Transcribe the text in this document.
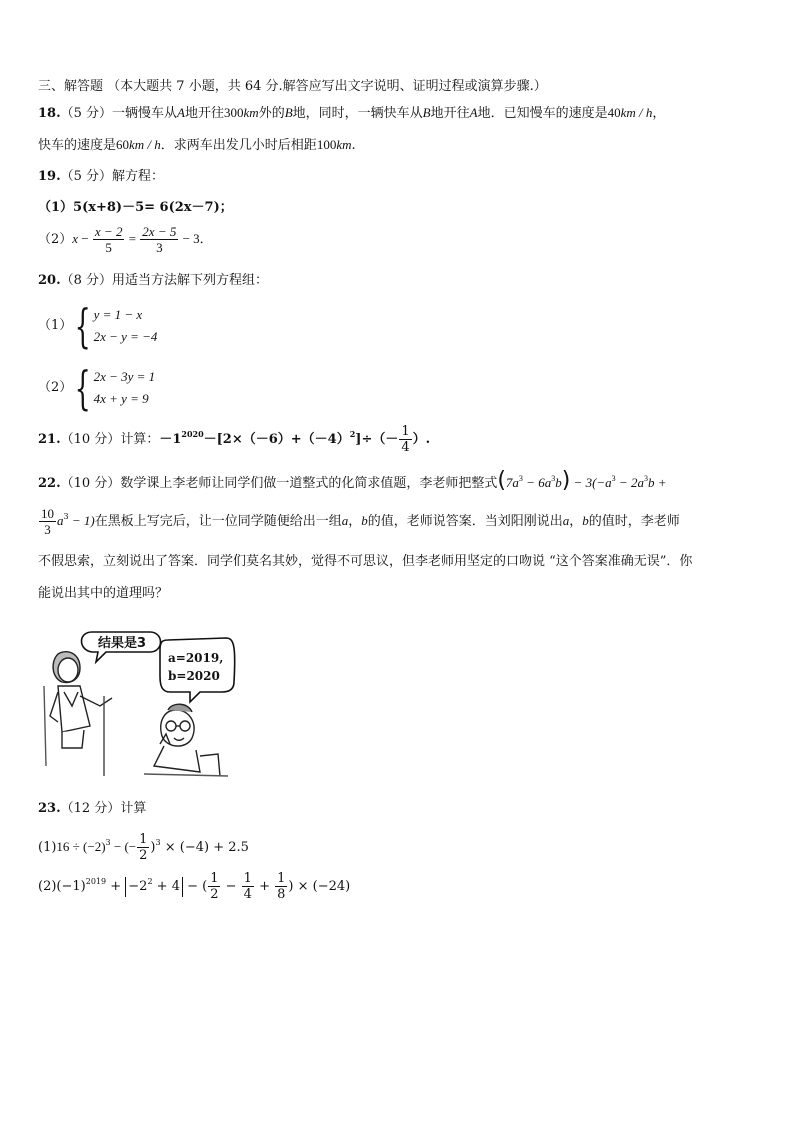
三、解答题 （本大题共 7 小题，共 64 分.解答应写出文字说明、证明过程或演算步骤.）
18.（5 分）一辆慢车从A地开往300km外的B地，同时，一辆快车从B地开往A地．已知慢车的速度是40km / h，
快车的速度是60km / h．求两车出发几小时后相距100km.
19.（5 分）解方程：
（1）5(x+8)－5= 6(2x－7)；
$(2)x - \frac{x - 2}{5} = \frac{2x - 5}{3} - 3$．
20.（8 分）用适当方法解下列方程组：
（1） { y = 1 − x
2x − y = −4
（2） { 2x − 3y = 1
4x + y = 9
21.（10 分）计算：$-1^{2020}-[2\times(-6)+(-4)^2]\div(- \frac{1}{4}$ ）.
22.（10 分）数学课上李老师让同学们做一道整式的化简求值题，李老师把整式$(7a^3 - 6a^3b) - 3(-a^3 - 2a^3b$ +
$\frac{10}{3} a^3 - 1$)在黑板上写完后，让一位同学随便给出一组a，b的值，老师说答案．当刘阳刚说出a，b的值时，李老师
不假思索，立刻说出了答案．同学们莫名其妙，觉得不可思议，但李老师用坚定的口吻说 “这个答案准确无误”．你
能说出其中的道理吗？
结果是3
a=2019,
b=2020
23.（12 分）计算
$(1)16 \div (-2)^3$ − (− $\frac{1}{2} )^3 \times (-4) + 2.5$
$(2)(-1)^{2019} + -2^2 + 4$ − ( $\frac{1}{2} - \frac{1}{4} + \frac{1}{8}$ ) × (−24)
